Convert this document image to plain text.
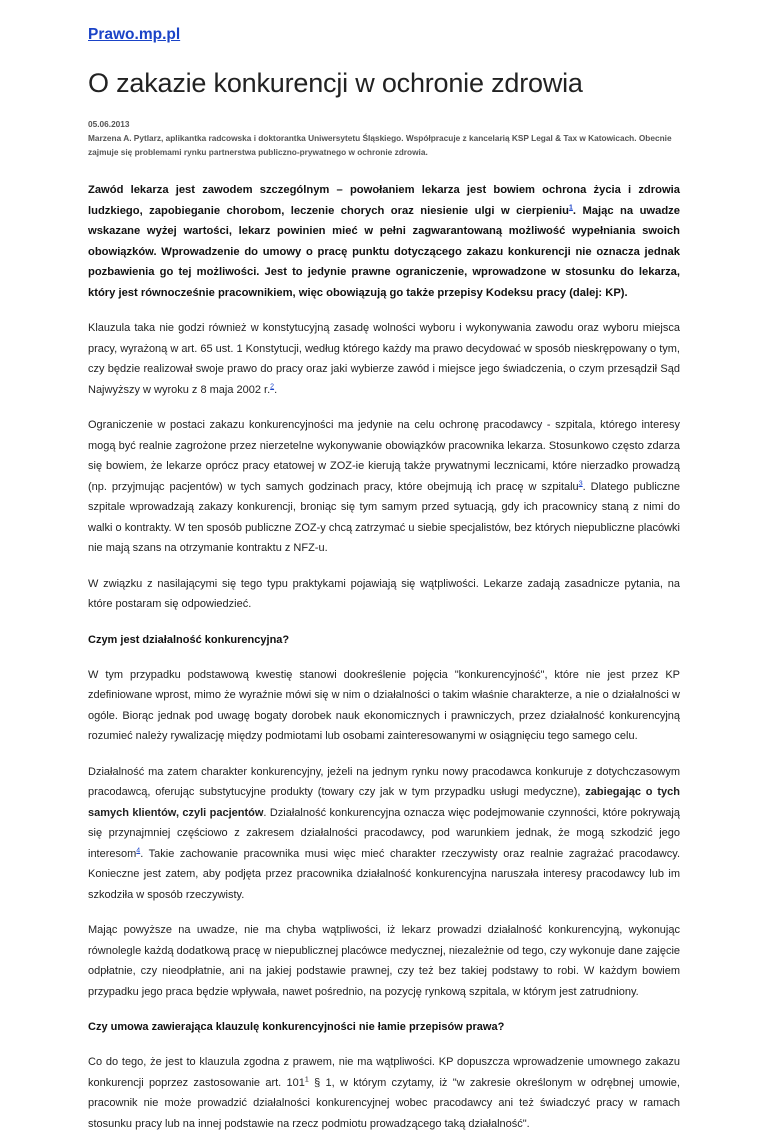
Prawo.mp.pl
O zakazie konkurencji w ochronie zdrowia
05.06.2013
Marzena A. Pytlarz, aplikantka radcowska i doktorantka Uniwersytetu Śląskiego. Współpracuje z kancelarią KSP Legal & Tax w Katowicach. Obecnie zajmuje się problemami rynku partnerstwa publiczno-prywatnego w ochronie zdrowia.

Zawód lekarza jest zawodem szczególnym – powołaniem lekarza jest bowiem ochrona życia i zdrowia ludzkiego, zapobieganie chorobom, leczenie chorych oraz niesienie ulgi w cierpieniu$^1$. Mając na uwadze wskazane wyżej wartości, lekarz powinien mieć w pełni zagwarantowaną możliwość wypełniania swoich obowiązków. Wprowadzenie do umowy o pracę punktu dotyczącego zakazu konkurencji nie oznacza jednak pozbawienia go tej możliwości. Jest to jedynie prawne ograniczenie, wprowadzone w stosunku do lekarza, który jest równocześnie pracownikiem, więc obowiązują go także przepisy Kodeksu pracy (dalej: KP).

Klauzula taka nie godzi również w konstytucyjną zasadę wolności wyboru i wykonywania zawodu oraz wyboru miejsca pracy, wyrażoną w art. 65 ust. 1 Konstytucji, według którego każdy ma prawo decydować w sposób nieskrępowany o tym, czy będzie realizował swoje prawo do pracy oraz jaki wybierze zawód i miejsce jego świadczenia, o czym przesądził Sąd Najwyższy w wyroku z 8 maja 2002 r.$^2$.

Ograniczenie w postaci zakazu konkurencyjności ma jedynie na celu ochronę pracodawcy - szpitala, którego interesy mogą być realnie zagrożone przez nierzetelne wykonywanie obowiązków pracownika lekarza. Stosunkowo często zdarza się bowiem, że lekarze oprócz pracy etatowej w ZOZ-ie kierują także prywatnymi lecznicami, które nierzadko prowadzą (np. przyjmując pacjentów) w tych samych godzinach pracy, które obejmują ich pracę w szpitalu$^3$. Dlatego publiczne szpitale wprowadzają zakazy konkurencji, broniąc się tym samym przed sytuacją, gdy ich pracownicy staną z nimi do walki o kontrakty. W ten sposób publiczne ZOZ-y chcą zatrzymać u siebie specjalistów, bez których niepubliczne placówki nie mają szans na otrzymanie kontraktu z NFZ-u.

W związku z nasilającymi się tego typu praktykami pojawiają się wątpliwości. Lekarze zadają zasadnicze pytania, na które postaram się odpowiedzieć.

Czym jest działalność konkurencyjna?

W tym przypadku podstawową kwestię stanowi dookreślenie pojęcia "konkurencyjność", które nie jest przez KP zdefiniowane wprost, mimo że wyraźnie mówi się w nim o działalności o takim właśnie charakterze, a nie o działalności w ogóle. Biorąc jednak pod uwagę bogaty dorobek nauk ekonomicznych i prawniczych, przez działalność konkurencyjną rozumieć należy rywalizację między podmiotami lub osobami zainteresowanymi w osiągnięciu tego samego celu.

Działalność ma zatem charakter konkurencyjny, jeżeli na jednym rynku nowy pracodawca konkuruje z dotychczasowym pracodawcą, oferując substytucyjne produkty (towary czy jak w tym przypadku usługi medyczne), zabiegając o tych samych klientów, czyli pacjentów. Działalność konkurencyjna oznacza więc podejmowanie czynności, które pokrywają się przynajmniej częściowo z zakresem działalności pracodawcy, pod warunkiem jednak, że mogą szkodzić jego interesom$^4$. Takie zachowanie pracownika musi więc mieć charakter rzeczywisty oraz realnie zagrażać pracodawcy. Konieczne jest zatem, aby podjęta przez pracownika działalność konkurencyjna naruszała interesy pracodawcy lub im szkodziła w sposób rzeczywisty.

Mając powyższe na uwadze, nie ma chyba wątpliwości, iż lekarz prowadzi działalność konkurencyjną, wykonując równolegle każdą dodatkową pracę w niepublicznej placówce medycznej, niezależnie od tego, czy wykonuje dane zajęcie odpłatnie, czy nieodpłatnie, ani na jakiej podstawie prawnej, czy też bez takiej podstawy to robi. W każdym bowiem przypadku jego praca będzie wpływała, nawet pośrednio, na pozycję rynkową szpitala, w którym jest zatrudniony.

Czy umowa zawierająca klauzulę konkurencyjności nie łamie przepisów prawa?

Co do tego, że jest to klauzula zgodna z prawem, nie ma wątpliwości. KP dopuszcza wprowadzenie umownego zakazu konkurencji poprzez zastosowanie art. $101^1$ § 1, w którym czytamy, iż "w zakresie określonym w odrębnej umowie, pracownik nie może prowadzić działalności konkurencyjnej wobec pracodawcy ani też świadczyć pracy w ramach stosunku pracy lub na innej podstawie na rzecz podmiotu prowadzącego taką działalność".
